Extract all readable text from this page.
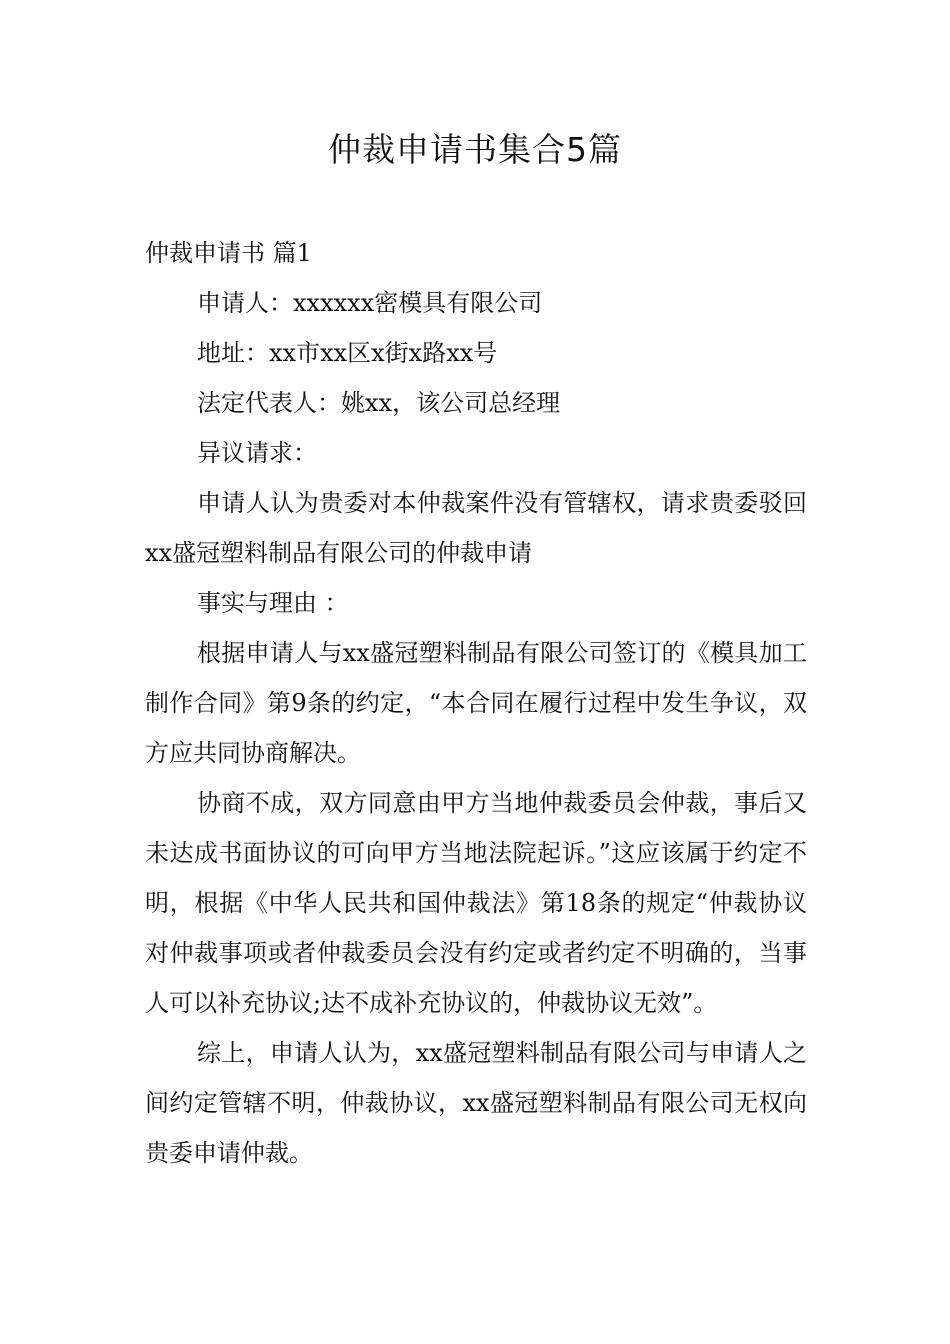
仲裁申请书集合5篇

仲裁申请书 篇1

申请人：xxxxxx密模具有限公司

地址：xx市xx区x街x路xx号

法定代表人：姚xx，该公司总经理

异议请求：

申请人认为贵委对本仲裁案件没有管辖权，请求贵委驳回xx盛冠塑料制品有限公司的仲裁申请

事实与理由 ：

根据申请人与xx盛冠塑料制品有限公司签订的《模具加工制作合同》第9条的约定，“本合同在履行过程中发生争议，双方应共同协商解决。

协商不成，双方同意由甲方当地仲裁委员会仲裁，事后又未达成书面协议的可向甲方当地法院起诉。”这应该属于约定不明，根据《中华人民共和国仲裁法》第18条的规定“仲裁协议对仲裁事项或者仲裁委员会没有约定或者约定不明确的，当事人可以补充协议;达不成补充协议的，仲裁协议无效”。

综上，申请人认为，xx盛冠塑料制品有限公司与申请人之间约定管辖不明，仲裁协议，xx盛冠塑料制品有限公司无权向贵委申请仲裁。
